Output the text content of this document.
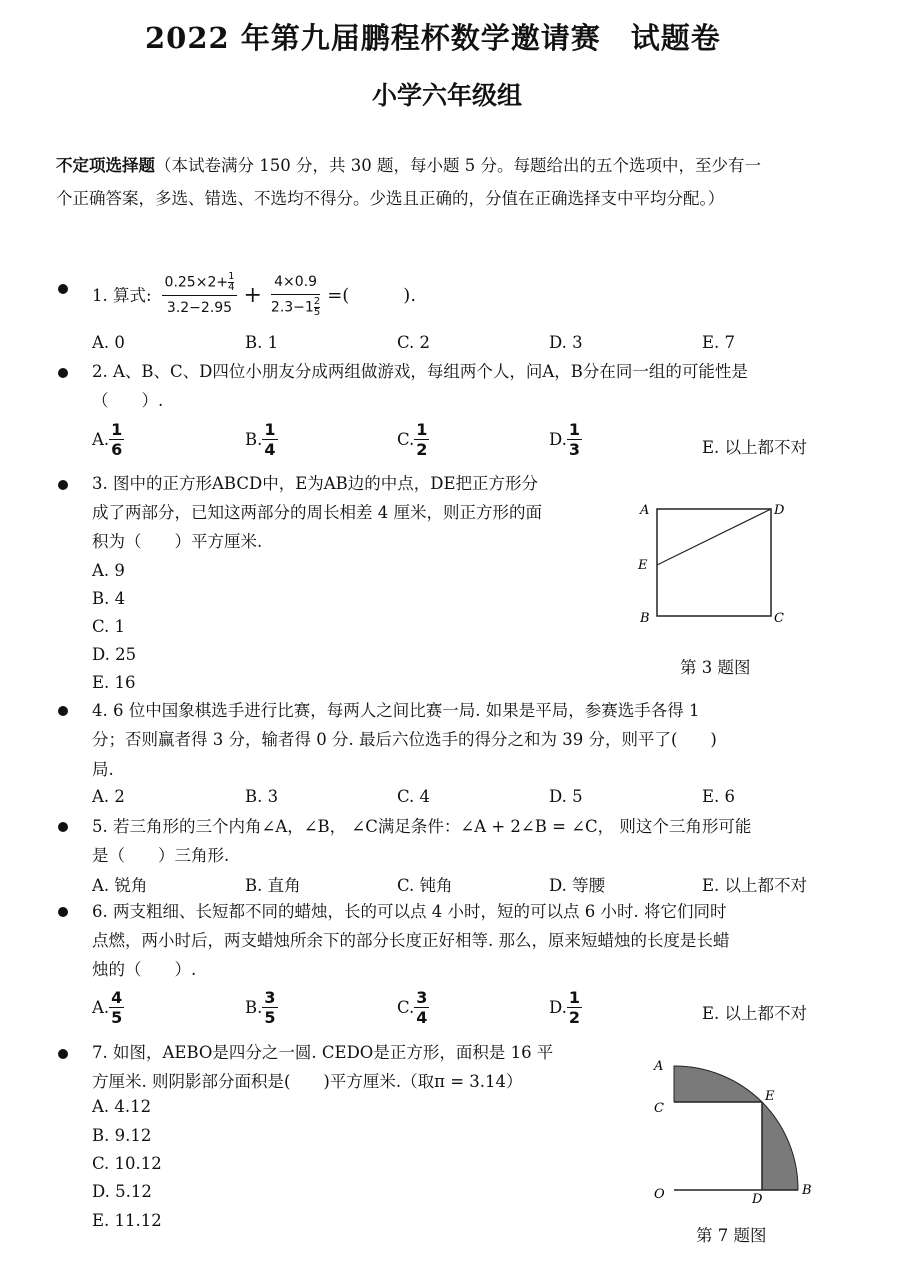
2022 年第九届鹏程杯数学邀请赛　试题卷
小学六年级组
不定项选择题（本试卷满分 150 分，共 30 题，每小题 5 分。每题给出的五个选项中，至少有一
个正确答案，多选、错选、不选均不得分。少选且正确的，分值在正确选择支中平均分配。）
1. 算式: $\frac{0.25\times 2+ \frac{1}{4}}{3.2-2.95} + \frac{4\times 0.9}{2.3-1 \frac{2}{5}}$ =(　　　).
A. 0	B. 1	C. 2	D. 3	E. 7
2. A、B、C、D四位小朋友分成两组做游戏，每组两个人，问A，B分在同一组的可能性是
（　　）.
A. $\frac{1}{6}$	B. $\frac{1}{4}$	C. $\frac{1}{2}$	D. $\frac{1}{3}$	E. 以上都不对
3. 图中的正方形ABCD中，E为AB边的中点，DE把正方形分
成了两部分，已知这两部分的周长相差 4 厘米，则正方形的面
积为（　　）平方厘米.
A. 9
B. 4
C. 1
D. 25
E. 16
A
E
B
D
C
第 3 题图
4. 6 位中国象棋选手进行比赛，每两人之间比赛一局. 如果是平局，参赛选手各得 1
分；否则赢者得 3 分，输者得 0 分. 最后六位选手的得分之和为 39 分，则平了(　　)
局.
A. 2	B. 3	C. 4	D. 5	E. 6
5. 若三角形的三个内角∠A，∠B， ∠C满足条件：∠A + 2∠B = ∠C， 则这个三角形可能
是（　　）三角形.
A. 锐角	B. 直角	C. 钝角	D. 等腰	E. 以上都不对
6. 两支粗细、长短都不同的蜡烛，长的可以点 4 小时，短的可以点 6 小时. 将它们同时
点燃，两小时后，两支蜡烛所余下的部分长度正好相等. 那么，原来短蜡烛的长度是长蜡
烛的（　　）.
A. $\frac{4}{5}$	B. $\frac{3}{5}$	C. $\frac{3}{4}$	D. $\frac{1}{2}$	E. 以上都不对
7. 如图，AEBO是四分之一圆. CEDO是正方形，面积是 16 平
方厘米. 则阴影部分面积是(　　)平方厘米.（取π = 3.14）
A. 4.12
B. 9.12
C. 10.12
D. 5.12
E. 11.12
A
C
E
O	D
B
第 7 题图
